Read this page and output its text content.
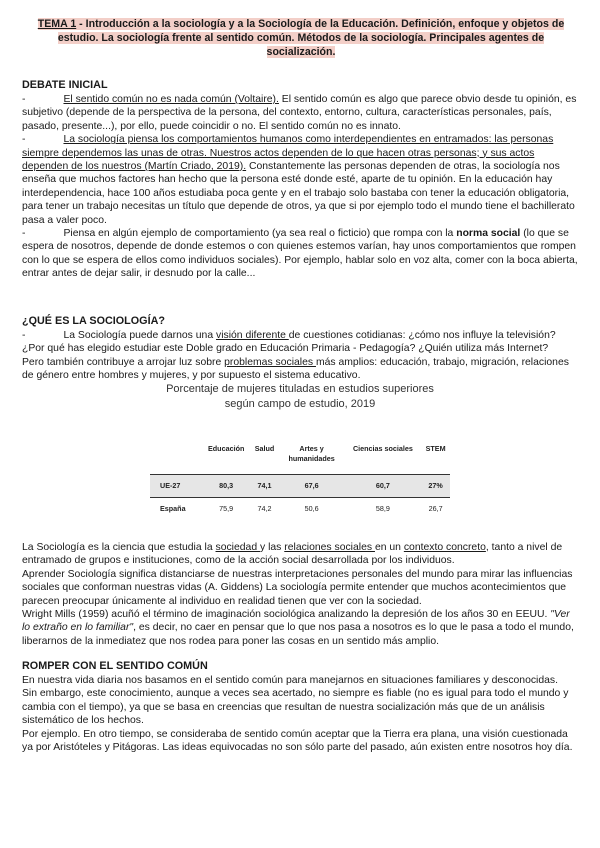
TEMA 1 - Introducción a la sociología y a la Sociología de la Educación. Definición, enfoque y objetos de estudio. La sociología frente al sentido común. Métodos de la sociología. Principales agentes de socialización.
DEBATE INICIAL

-	El sentido común no es nada común (Voltaire). El sentido común es algo que parece obvio desde tu opinión, es subjetivo (depende de la perspectiva de la persona, del contexto, entorno, cultura, características personales, país, pasado, presente...), por ello, puede coincidir o no. El sentido común no es innato.

-	La sociología piensa los comportamientos humanos como interdependientes en entramados: las personas siempre dependemos las unas de otras. Nuestros actos dependen de lo que hacen otras personas; y sus actos dependen de los nuestros (Martín Criado, 2019). Constantemente las personas dependen de otras, la sociología nos enseña que muchos factores han hecho que la persona esté donde esté, aparte de tu opinión. En la educación hay interdependencia, hace 100 años estudiaba poca gente y en el trabajo solo bastaba con tener la educación obligatoria, para tener un trabajo necesitas un título que depende de otros, ya que si por ejemplo todo el mundo tiene el bachillerato pasa a valer poco.

-	Piensa en algún ejemplo de comportamiento (ya sea real o ficticio) que rompa con la norma social (lo que se espera de nosotros, depende de donde estemos o con quienes estemos varían, hay unos comportamientos que rompen con lo que se espera de ellos como individuos sociales). Por ejemplo, hablar solo en voz alta, comer con la boca abierta, entrar antes de dejar salir, ir desnudo por la calle...

¿QUÉ ES LA SOCIOLOGÍA?

-	La Sociología puede darnos una visión diferente de cuestiones cotidianas: ¿cómo nos influye la televisión? ¿Por qué has elegido estudiar este Doble grado en Educación Primaria - Pedagogía? ¿Quién utiliza más Internet?

Pero también contribuye a arrojar luz sobre problemas sociales más amplios: educación, trabajo, migración, relaciones de género entre hombres y mujeres, y por supuesto el sistema educativo.

Porcentaje de mujeres tituladas en estudios superiores
según campo de estudio, 2019
	Educación	Salud	Artes y humanidades	Ciencias sociales	STEM
UE-27	80,3	74,1	67,6	60,7	27%
España	75,9	74,2	50,6	58,9	26,7

La Sociología es la ciencia que estudia la sociedad y las relaciones sociales en un contexto concreto, tanto a nivel de entramado de grupos e instituciones, como de la acción social desarrollada por los individuos.

Aprender Sociología significa distanciarse de nuestras interpretaciones personales del mundo para mirar las influencias sociales que conforman nuestras vidas (A. Giddens) La sociología permite entender que muchos acontecimientos que parecen preocupar únicamente al individuo en realidad tienen que ver con la sociedad.

Wright Mills (1959) acuñó el término de imaginación sociológica analizando la depresión de los años 30 en EEUU. "Ver lo extraño en lo familiar", es decir, no caer en pensar que lo que nos pasa a nosotros es lo que le pasa a todo el mundo, liberarnos de la inmediatez que nos rodea para poner las cosas en un sentido más amplio.

ROMPER CON EL SENTIDO COMÚN

En nuestra vida diaria nos basamos en el sentido común para manejarnos en situaciones familiares y desconocidas.

Sin embargo, este conocimiento, aunque a veces sea acertado, no siempre es fiable (no es igual para todo el mundo y cambia con el tiempo), ya que se basa en creencias que resultan de nuestra socialización más que de un análisis sistemático de los hechos.

Por ejemplo. En otro tiempo, se consideraba de sentido común aceptar que la Tierra era plana, una visión cuestionada ya por Aristóteles y Pitágoras. Las ideas equivocadas no son sólo parte del pasado, aún existen entre nosotros hoy día.
